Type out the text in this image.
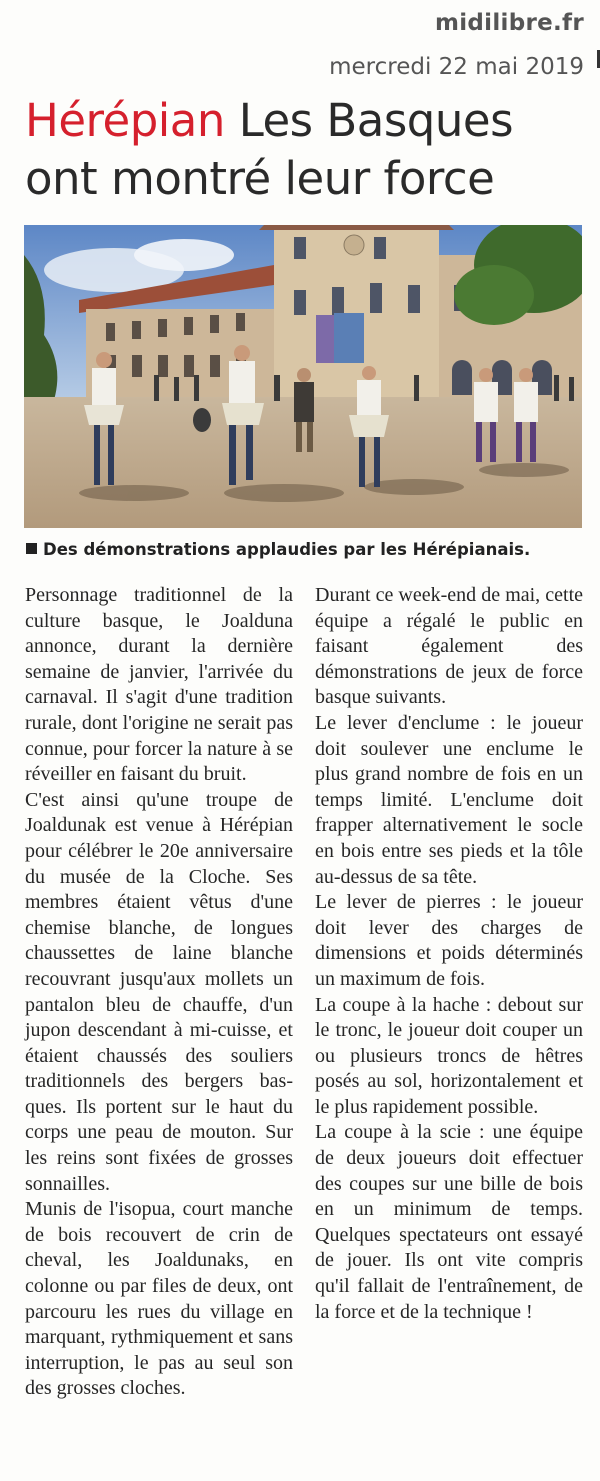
midilibre.fr
mercredi 22 mai 2019
Hérépian Les Basques ont montré leur force
Des démonstrations applaudies par les Hérépianais.

Personnage traditionnel de la culture basque, le Joalduna annonce, durant la dernière semaine de janvier, l'arrivée du carnaval. Il s'agit d'une tradition rurale, dont l'origine ne serait pas connue, pour forcer la nature à se réveiller en faisant du bruit.

C'est ainsi qu'une troupe de Joaldunak est venue à Hérépian pour célébrer le 20e anniversaire du musée de la Cloche. Ses membres étaient vêtus d'une chemise blanche, de longues chaussettes de laine blanche recouvrant jusqu'aux mollets un pantalon bleu de chauffe, d'un jupon descendant à mi-cuisse, et étaient chaussés des souliers traditionnels des bergers basques. Ils portent sur le haut du corps une peau de mouton. Sur les reins sont fixées de grosses sonnailles.

Munis de l'isopua, court manche de bois recouvert de crin de cheval, les Joaldunaks, en colonne ou par files de deux, ont parcouru les rues du village en marquant, rythmiquement et sans interruption, le pas au seul son des grosses cloches.

Durant ce week-end de mai, cette équipe a régalé le public en faisant également des démonstrations de jeux de force basque suivants.

Le lever d'enclume : le joueur doit soulever une enclume le plus grand nombre de fois en un temps limité. L'enclume doit frapper alternativement le socle en bois entre ses pieds et la tôle au-dessus de sa tête.

Le lever de pierres : le joueur doit lever des charges de dimensions et poids déterminés un maximum de fois.

La coupe à la hache : debout sur le tronc, le joueur doit couper un ou plusieurs troncs de hêtres posés au sol, horizontalement et le plus rapidement possible.

La coupe à la scie : une équipe de deux joueurs doit effectuer des coupes sur une bille de bois en un minimum de temps. Quelques spectateurs ont essayé de jouer. Ils ont vite compris qu'il fallait de l'entraînement, de la force et de la technique !
